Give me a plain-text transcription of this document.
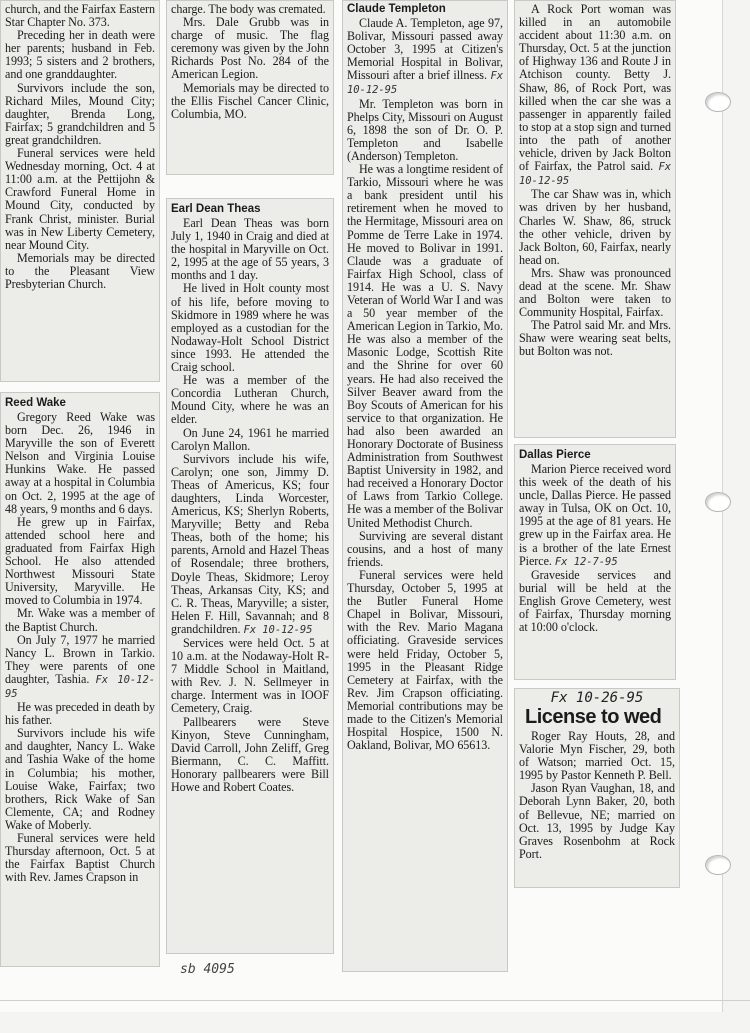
church, and the Fairfax Eastern Star Chapter No. 373.

Preceding her in death were her parents; husband in Feb. 1993; 5 sisters and 2 brothers, and one granddaughter.

Survivors include the son, Richard Miles, Mound City; daughter, Brenda Long, Fairfax; 5 grandchildren and 5 great grandchildren.

Funeral services were held Wednesday morning, Oct. 4 at 11:00 a.m. at the Pettijohn & Crawford Funeral Home in Mound City, conducted by Frank Christ, minister. Burial was in New Liberty Cemetery, near Mound City.

Memorials may be directed to the Pleasant View Presbyterian Church.

Reed Wake

Gregory Reed Wake was born Dec. 26, 1946 in Maryville the son of Everett Nelson and Virginia Louise Hunkins Wake. He passed away at a hospital in Columbia on Oct. 2, 1995 at the age of 48 years, 9 months and 6 days.

He grew up in Fairfax, attended school here and graduated from Fairfax High School. He also attended Northwest Missouri State University, Maryville. He moved to Columbia in 1974.

Mr. Wake was a member of the Baptist Church.

On July 7, 1977 he married Nancy L. Brown in Tarkio. They were parents of one daughter, Tashia. Fx 10-12-95

He was preceded in death by his father.

Survivors include his wife and daughter, Nancy L. Wake and Tashia Wake of the home in Columbia; his mother, Louise Wake, Fairfax; two brothers, Rick Wake of San Clemente, CA; and Rodney Wake of Moberly.

Funeral services were held Thursday afternoon, Oct. 5 at the Fairfax Baptist Church with Rev. James Crapson in

charge. The body was cremated.

Mrs. Dale Grubb was in charge of music. The flag ceremony was given by the John Richards Post No. 284 of the American Legion.

Memorials may be directed to the Ellis Fischel Cancer Clinic, Columbia, MO.

Earl Dean Theas

Earl Dean Theas was born July 1, 1940 in Craig and died at the hospital in Maryville on Oct. 2, 1995 at the age of 55 years, 3 months and 1 day.

He lived in Holt county most of his life, before moving to Skidmore in 1989 where he was employed as a custodian for the Nodaway-Holt School District since 1993. He attended the Craig school.

He was a member of the Concordia Lutheran Church, Mound City, where he was an elder.

On June 24, 1961 he married Carolyn Mallon.

Survivors include his wife, Carolyn; one son, Jimmy D. Theas of Americus, KS; four daughters, Linda Worcester, Americus, KS; Sherlyn Roberts, Maryville; Betty and Reba Theas, both of the home; his parents, Arnold and Hazel Theas of Rosendale; three brothers, Doyle Theas, Skidmore; Leroy Theas, Arkansas City, KS; and C. R. Theas, Maryville; a sister, Helen F. Hill, Savannah; and 8 grandchildren. Fx 10-12-95

Services were held Oct. 5 at 10 a.m. at the Nodaway-Holt R-7 Middle School in Maitland, with Rev. J. N. Sellmeyer in charge. Interment was in IOOF Cemetery, Craig.

Pallbearers were Steve Kinyon, Steve Cunningham, David Carroll, John Zeliff, Greg Biermann, C. C. Maffitt. Honorary pallbearers were Bill Howe and Robert Coates.

Claude Templeton

Claude A. Templeton, age 97, Bolivar, Missouri passed away October 3, 1995 at Citizen's Memorial Hospital in Bolivar, Missouri after a brief illness. Fx 10-12-95

Mr. Templeton was born in Phelps City, Missouri on August 6, 1898 the son of Dr. O. P. Templeton and Isabelle (Anderson) Templeton.

He was a longtime resident of Tarkio, Missouri where he was a bank president until his retirement when he moved to the Hermitage, Missouri area on Pomme de Terre Lake in 1974. He moved to Bolivar in 1991. Claude was a graduate of Fairfax High School, class of 1914. He was a U. S. Navy Veteran of World War I and was a 50 year member of the American Legion in Tarkio, Mo. He was also a member of the Masonic Lodge, Scottish Rite and the Shrine for over 60 years. He had also received the Silver Beaver award from the Boy Scouts of American for his service to that organization. He had also been awarded an Honorary Doctorate of Business Administration from Southwest Baptist University in 1982, and had received a Honorary Doctor of Laws from Tarkio College. He was a member of the Bolivar United Methodist Church.

Surviving are several distant cousins, and a host of many friends.

Funeral services were held Thursday, October 5, 1995 at the Butler Funeral Home Chapel in Bolivar, Missouri, with the Rev. Mario Magana officiating. Graveside services were held Friday, October 5, 1995 in the Pleasant Ridge Cemetery at Fairfax, with the Rev. Jim Crapson officiating. Memorial contributions may be made to the Citizen's Memorial Hospital Hospice, 1500 N. Oakland, Bolivar, MO 65613.

A Rock Port woman was killed in an automobile accident about 11:30 a.m. on Thursday, Oct. 5 at the junction of Highway 136 and Route J in Atchison county. Betty J. Shaw, 86, of Rock Port, was killed when the car she was a passenger in apparently failed to stop at a stop sign and turned into the path of another vehicle, driven by Jack Bolton of Fairfax, the Patrol said. Fx 10-12-95

The car Shaw was in, which was driven by her husband, Charles W. Shaw, 86, struck the other vehicle, driven by Jack Bolton, 60, Fairfax, nearly head on.

Mrs. Shaw was pronounced dead at the scene. Mr. Shaw and Bolton were taken to Community Hospital, Fairfax.

The Patrol said Mr. and Mrs. Shaw were wearing seat belts, but Bolton was not.

Dallas Pierce

Marion Pierce received word this week of the death of his uncle, Dallas Pierce. He passed away in Tulsa, OK on Oct. 10, 1995 at the age of 81 years. He grew up in the Fairfax area. He is a brother of the late Ernest Pierce. Fx 12-7-95

Graveside services and burial will be held at the English Grove Cemetery, west of Fairfax, Thursday morning at 10:00 o'clock.

Fx 10-26-95
License to wed

Roger Ray Houts, 28, and Valorie Myn Fischer, 29, both of Watson; married Oct. 15, 1995 by Pastor Kenneth P. Bell.

Jason Ryan Vaughan, 18, and Deborah Lynn Baker, 20, both of Bellevue, NE; married on Oct. 13, 1995 by Judge Kay Graves Rosenbohm at Rock Port.

sb 4095
